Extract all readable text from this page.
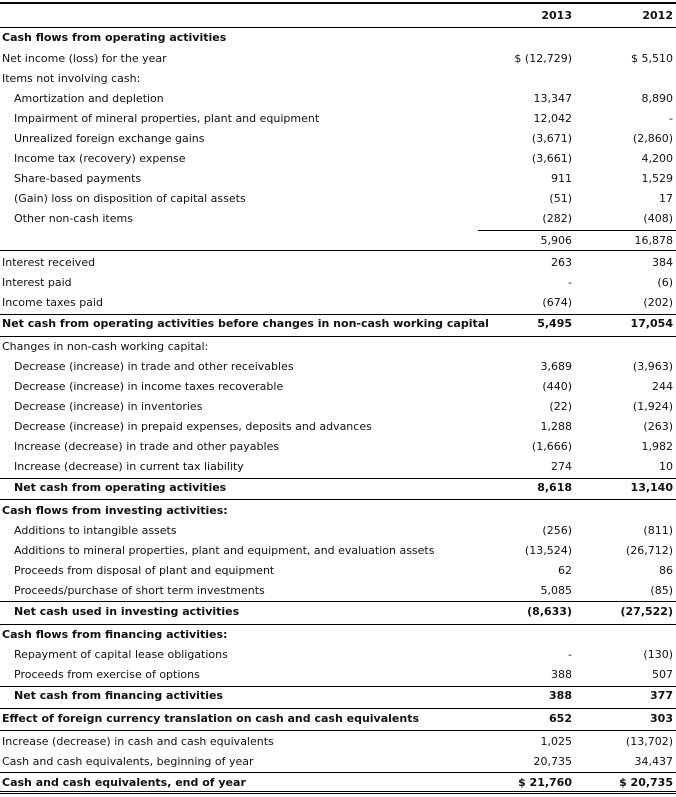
2013	2012
Cash flows from operating activities
Net income (loss) for the year	$ (12,729)	$ 5,510
Items not involving cash:
Amortization and depletion	13,347	8,890
Impairment of mineral properties, plant and equipment	12,042	-
Unrealized foreign exchange gains	(3,671)	(2,860)
Income tax (recovery) expense	(3,661)	4,200
Share-based payments	911	1,529
(Gain) loss on disposition of capital assets	(51)	17
Other non-cash items	(282)	(408)
5,906	16,878
Interest received	263	384
Interest paid	-	(6)
Income taxes paid	(674)	(202)
Net cash from operating activities before changes in non-cash working capital	5,495	17,054
Changes in non-cash working capital:
Decrease (increase) in trade and other receivables	3,689	(3,963)
Decrease (increase) in income taxes recoverable	(440)	244
Decrease (increase) in inventories	(22)	(1,924)
Decrease (increase) in prepaid expenses, deposits and advances	1,288	(263)
Increase (decrease) in trade and other payables	(1,666)	1,982
Increase (decrease) in current tax liability	274	10
Net cash from operating activities	8,618	13,140
Cash flows from investing activities:
Additions to intangible assets	(256)	(811)
Additions to mineral properties, plant and equipment, and evaluation assets	(13,524)	(26,712)
Proceeds from disposal of plant and equipment	62	86
Proceeds/purchase of short term investments	5,085	(85)
Net cash used in investing activities	(8,633)	(27,522)
Cash flows from financing activities:
Repayment of capital lease obligations	-	(130)
Proceeds from exercise of options	388	507
Net cash from financing activities	388	377
Effect of foreign currency translation on cash and cash equivalents	652	303
Increase (decrease) in cash and cash equivalents	1,025	(13,702)
Cash and cash equivalents, beginning of year	20,735	34,437
Cash and cash equivalents, end of year	$ 21,760	$ 20,735
